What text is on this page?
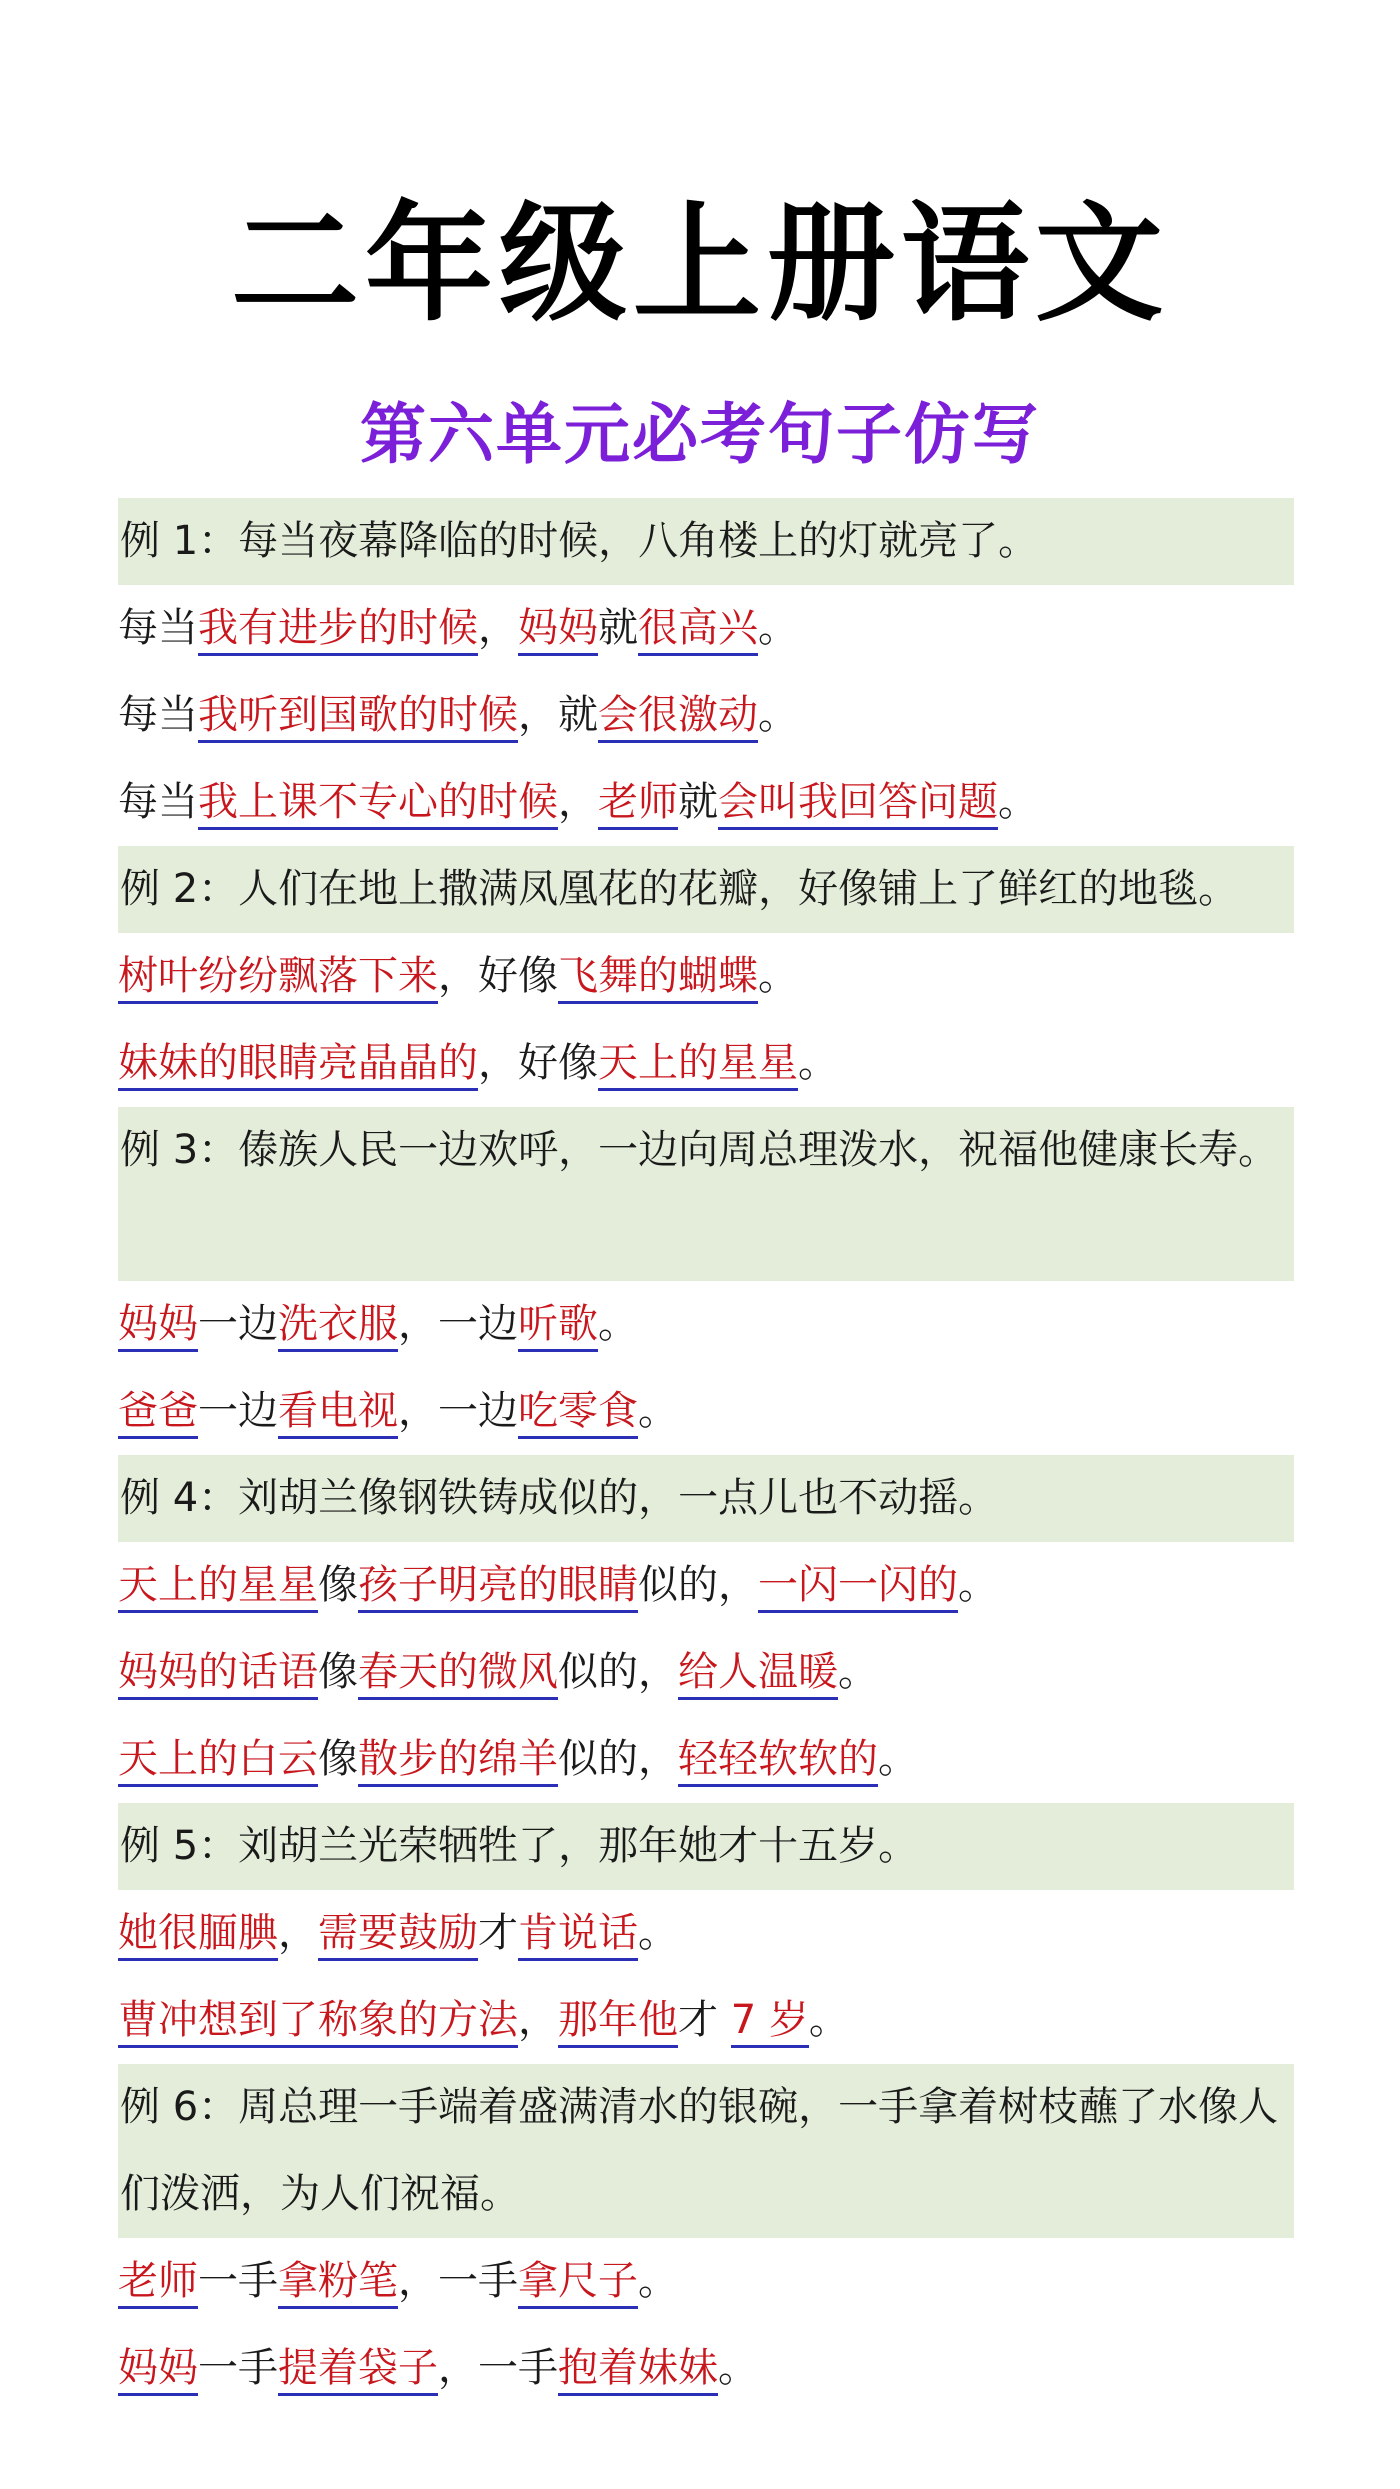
二年级上册语文
第六单元必考句子仿写
例 1：每当夜幕降临的时候，八角楼上的灯就亮了。
每当我有进步的时候，妈妈就很高兴。
每当我听到国歌的时候，就会很激动。
每当我上课不专心的时候，老师就会叫我回答问题。
例 2：人们在地上撒满凤凰花的花瓣，好像铺上了鲜红的地毯。
树叶纷纷飘落下来，好像飞舞的蝴蝶。
妹妹的眼睛亮晶晶的，好像天上的星星。
例 3：傣族人民一边欢呼，一边向周总理泼水，祝福他健康长寿。
妈妈一边洗衣服，一边听歌。
爸爸一边看电视，一边吃零食。
例 4：刘胡兰像钢铁铸成似的，一点儿也不动摇。
天上的星星像孩子明亮的眼睛似的，一闪一闪的。
妈妈的话语像春天的微风似的，给人温暖。
天上的白云像散步的绵羊似的，轻轻软软的。
例 5：刘胡兰光荣牺牲了，那年她才十五岁。
她很腼腆，需要鼓励才肯说话。
曹冲想到了称象的方法，那年他才 7 岁。
例 6：周总理一手端着盛满清水的银碗，一手拿着树枝蘸了水像人们泼洒，为人们祝福。
老师一手拿粉笔，一手拿尺子。
妈妈一手提着袋子，一手抱着妹妹。
